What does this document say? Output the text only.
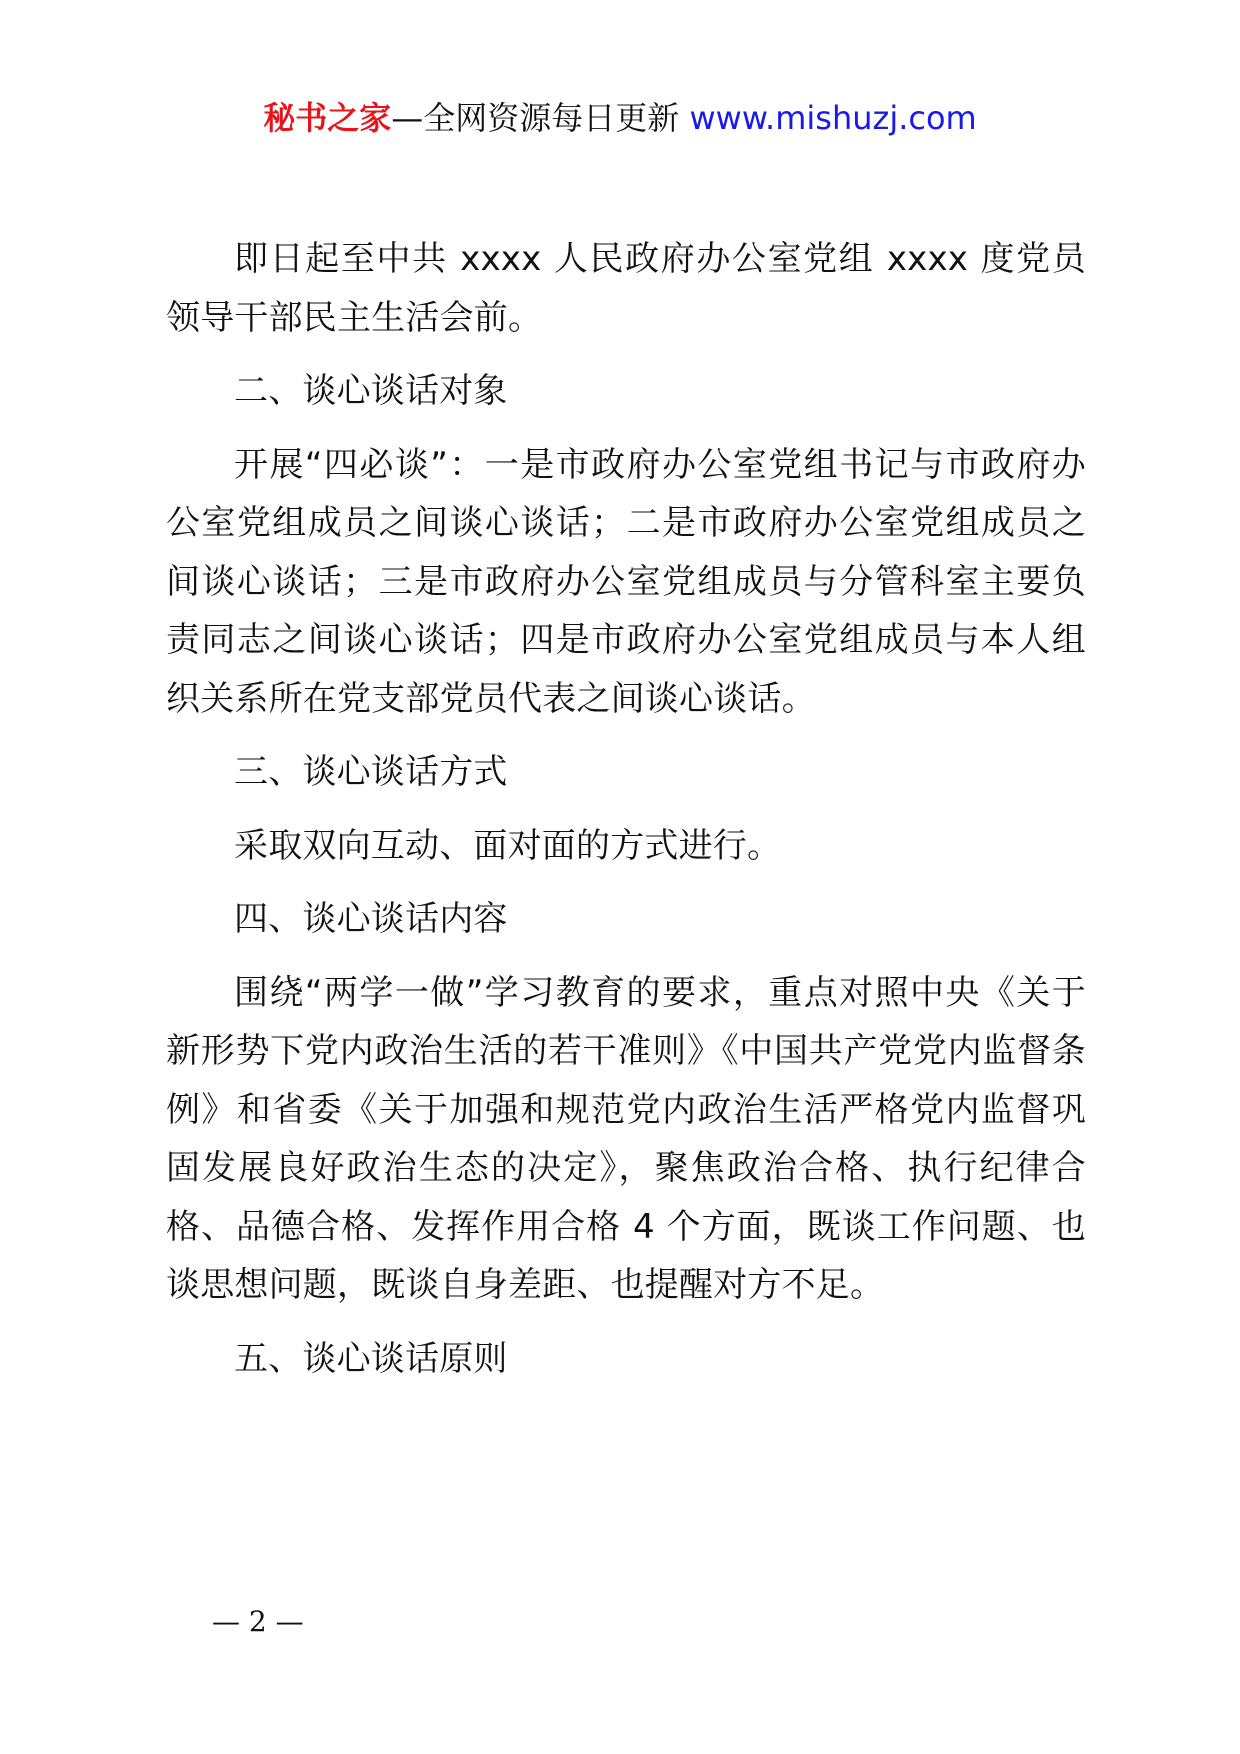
秘书之家—全网资源每日更新 www.mishuzj.com

即日起至中共 xxxx 人民政府办公室党组 xxxx 度党员领导干部民主生活会前。

二、谈心谈话对象

开展“四必谈”：一是市政府办公室党组书记与市政府办公室党组成员之间谈心谈话；二是市政府办公室党组成员之间谈心谈话；三是市政府办公室党组成员与分管科室主要负责同志之间谈心谈话；四是市政府办公室党组成员与本人组织关系所在党支部党员代表之间谈心谈话。

三、谈心谈话方式

采取双向互动、面对面的方式进行。

四、谈心谈话内容

围绕“两学一做”学习教育的要求，重点对照中央《关于新形势下党内政治生活的若干准则》《中国共产党党内监督条例》和省委《关于加强和规范党内政治生活严格党内监督巩固发展良好政治生态的决定》，聚焦政治合格、执行纪律合格、品德合格、发挥作用合格 4 个方面，既谈工作问题、也谈思想问题，既谈自身差距、也提醒对方不足。

五、谈心谈话原则

— 2 —
